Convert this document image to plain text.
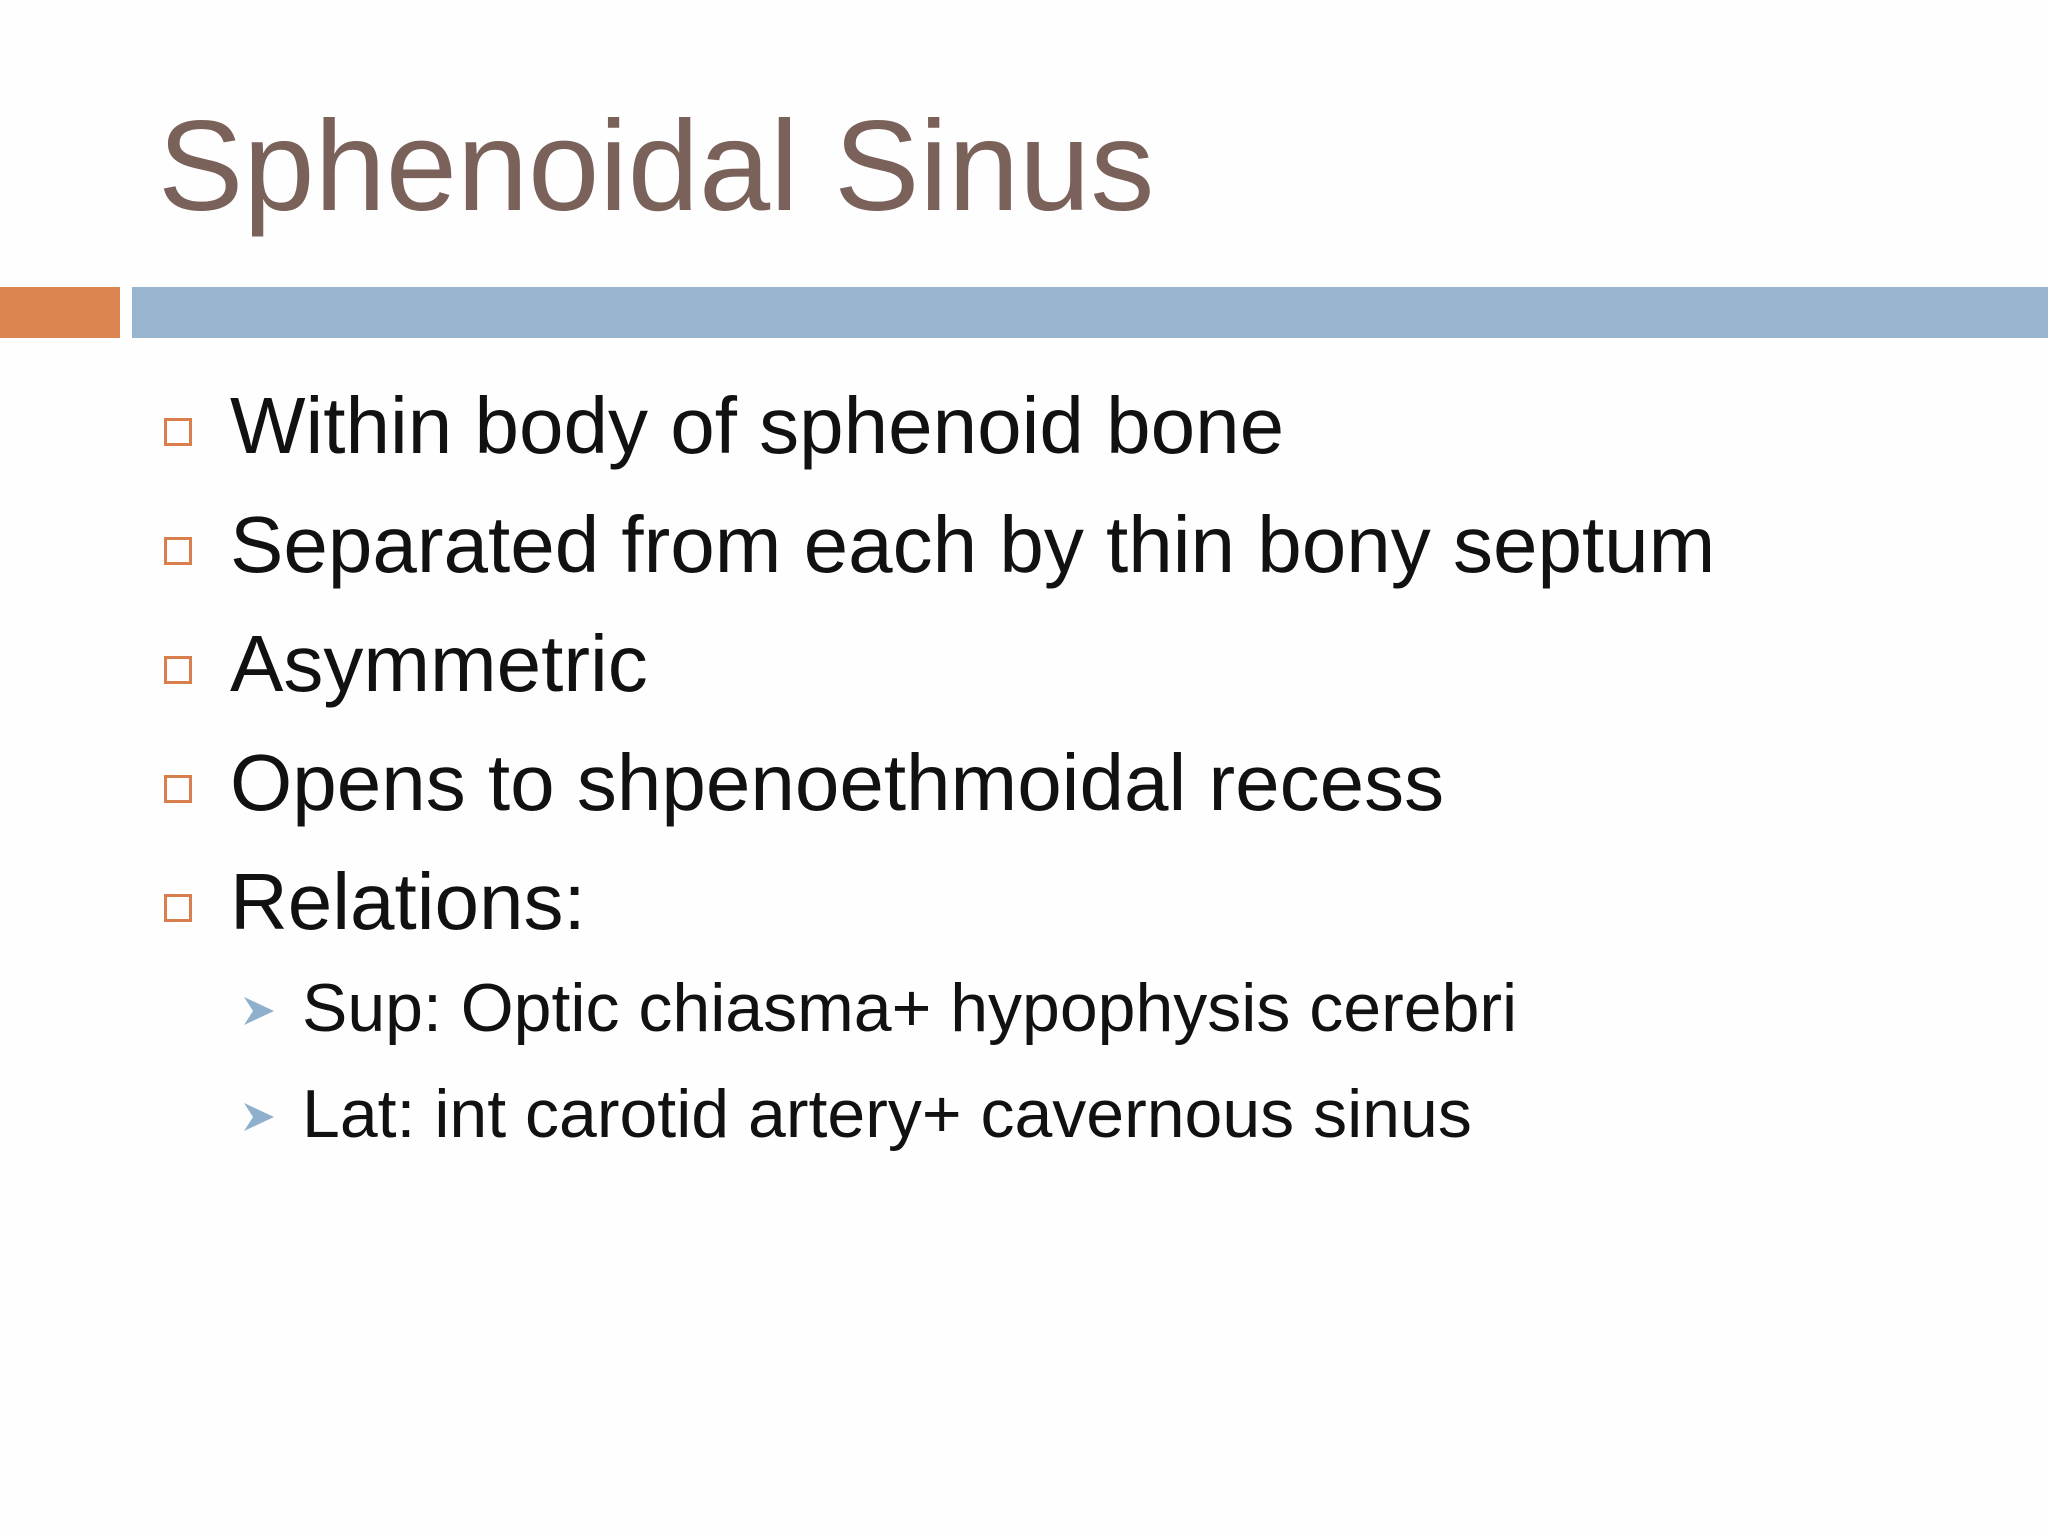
Sphenoidal Sinus
Within body of sphenoid bone
Separated from each by thin bony septum
Asymmetric
Opens to shpenoethmoidal recess
Relations:
Sup: Optic chiasma+ hypophysis cerebri
Lat: int carotid artery+ cavernous sinus
